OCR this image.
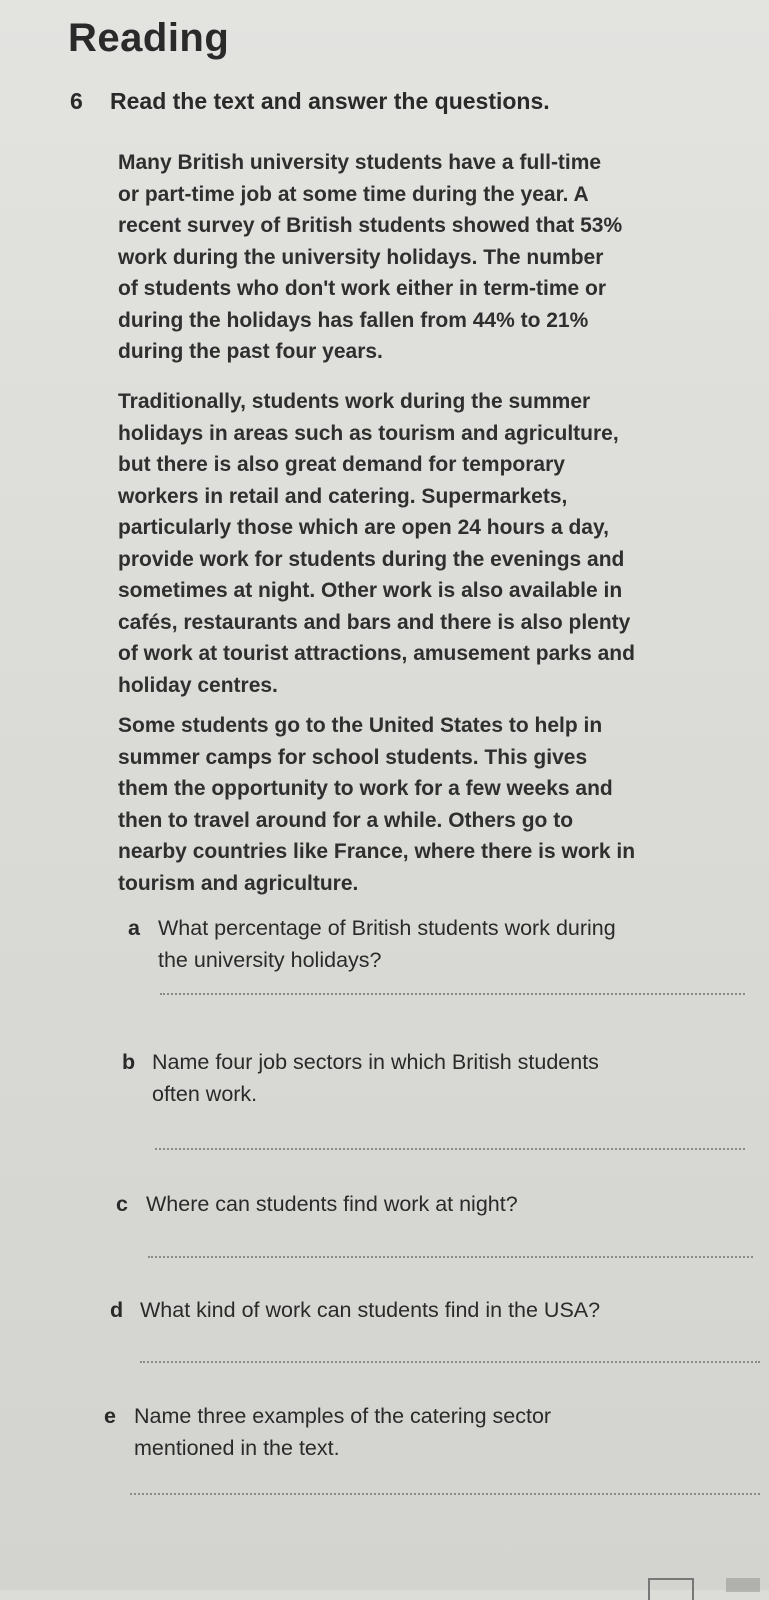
Reading
6 Read the text and answer the questions.
Many British university students have a full-time
or part-time job at some time during the year. A
recent survey of British students showed that 53%
work during the university holidays. The number
of students who don't work either in term-time or
during the holidays has fallen from 44% to 21%
during the past four years.
Traditionally, students work during the summer
holidays in areas such as tourism and agriculture,
but there is also great demand for temporary
workers in retail and catering. Supermarkets,
particularly those which are open 24 hours a day,
provide work for students during the evenings and
sometimes at night. Other work is also available in
cafés, restaurants and bars and there is also plenty
of work at tourist attractions, amusement parks and
holiday centres.
Some students go to the United States to help in
summer camps for school students. This gives
them the opportunity to work for a few weeks and
then to travel around for a while. Others go to
nearby countries like France, where there is work in
tourism and agriculture.
a What percentage of British students work during
the university holidays?
b Name four job sectors in which British students
often work.
c Where can students find work at night?
d What kind of work can students find in the USA?
e Name three examples of the catering sector
mentioned in the text.
